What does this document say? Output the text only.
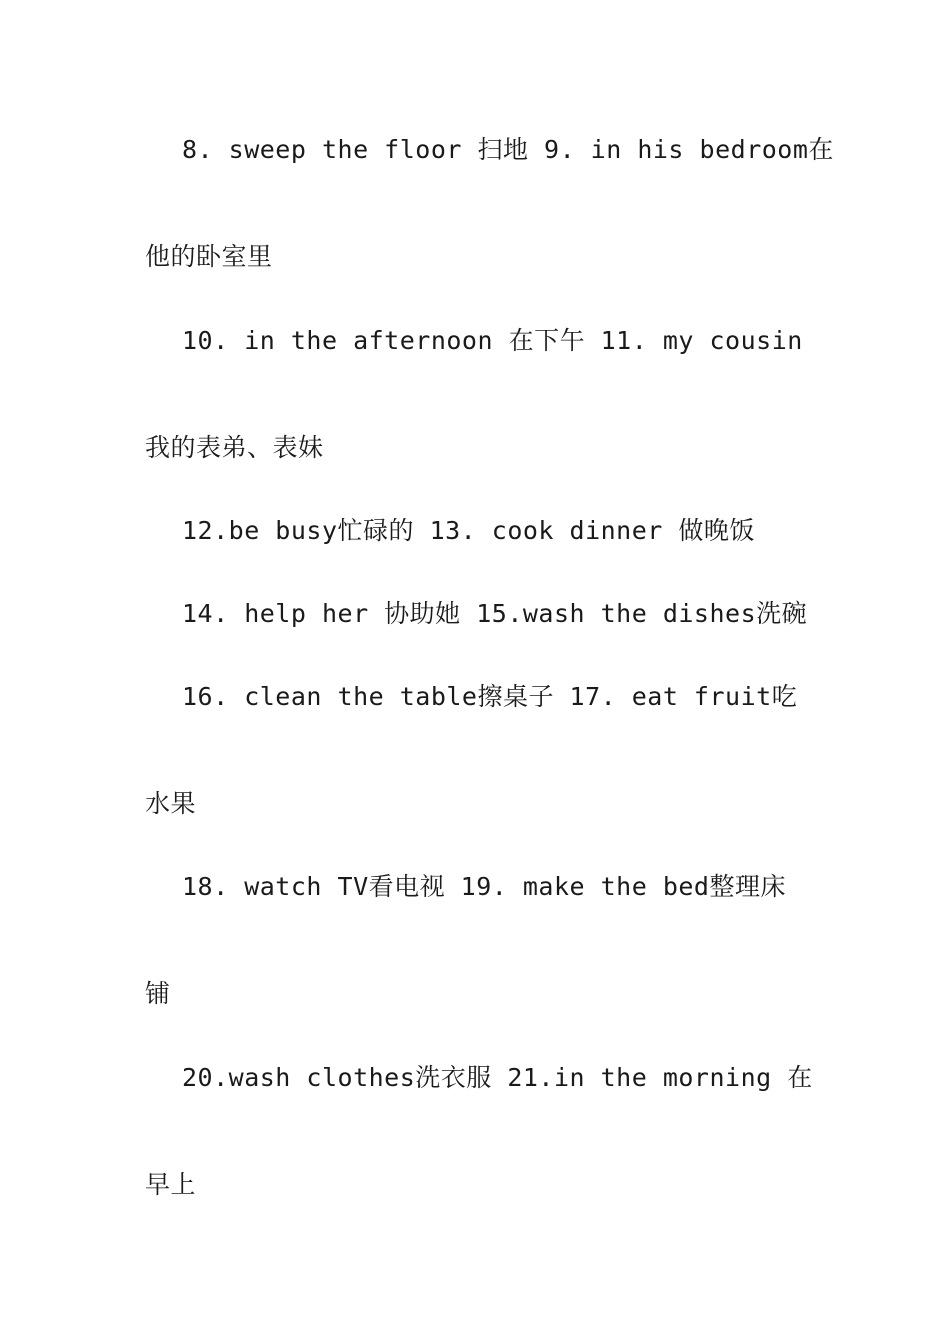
8. sweep the floor 扫地 9. in his bedroom在
他的卧室里
10. in the afternoon 在下午 11. my cousin
我的表弟、表妹
12.be busy忙碌的 13. cook dinner 做晚饭
14. help her 协助她 15.wash the dishes洗碗
16. clean the table擦桌子 17. eat fruit吃
水果
18. watch TV看电视 19. make the bed整理床
铺
20.wash clothes洗衣服 21.in the morning 在
早上
